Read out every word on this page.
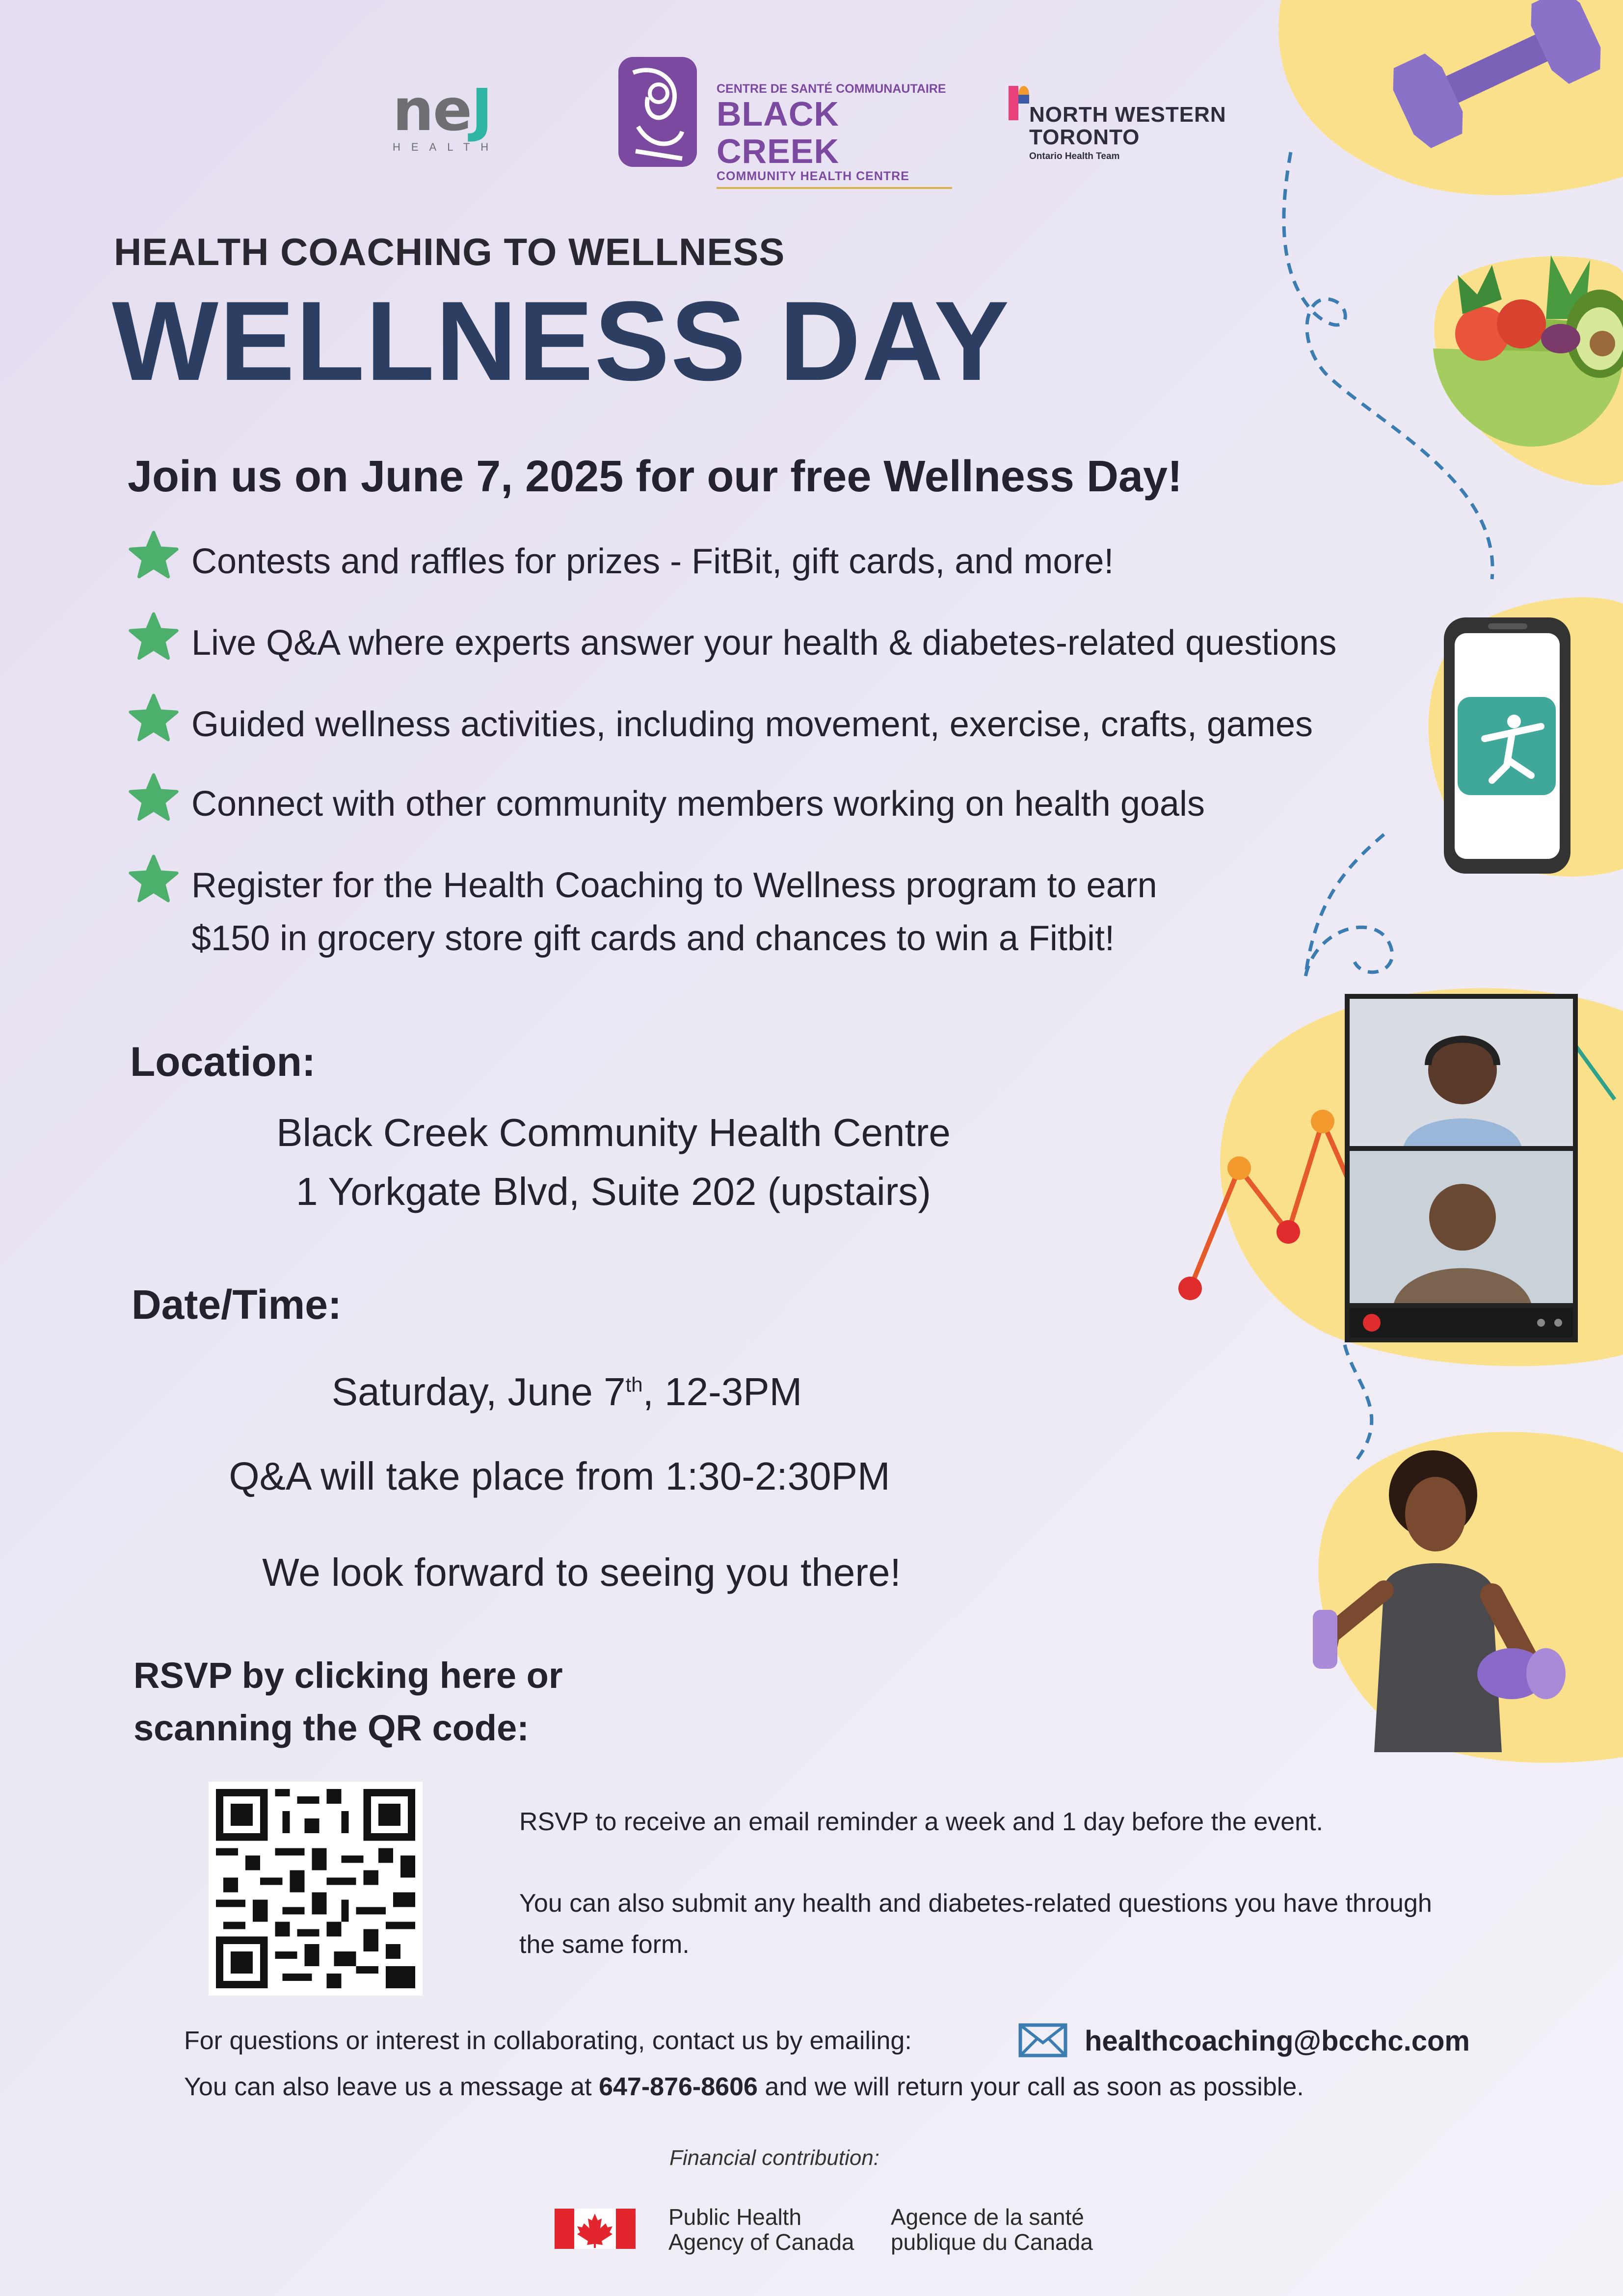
neJ
HEALTH
CENTRE DE SANTÉ COMMUNAUTAIRE
BLACK CREEK
COMMUNITY HEALTH CENTRE
NORTH WESTERN
TORONTO
Ontario Health Team
HEALTH COACHING TO WELLNESS
WELLNESS DAY
Join us on June 7, 2025 for our free Wellness Day!
Contests and raffles for prizes - FitBit, gift cards, and more!
Live Q&A where experts answer your health & diabetes-related questions
Guided wellness activities, including movement, exercise, crafts, games
Connect with other community members working on health goals
Register for the Health Coaching to Wellness program to earn
$150 in grocery store gift cards and chances to win a Fitbit!
Location:
Black Creek Community Health Centre
1 Yorkgate Blvd, Suite 202 (upstairs)
Date/Time:
Saturday, June 7th, 12-3PM
Q&A will take place from 1:30-2:30PM
We look forward to seeing you there!
RSVP by clicking here or
scanning the QR code:

RSVP to receive an email reminder a week and 1 day before the event.

You can also submit any health and diabetes-related questions you have through the same form.

For questions or interest in collaborating, contact us by emailing:	healthcoaching@bcchc.com
You can also leave us a message at 647-876-8606 and we will return your call as soon as possible.
Financial contribution:
Public Health
Agency of Canada
Agence de la santé
publique du Canada
